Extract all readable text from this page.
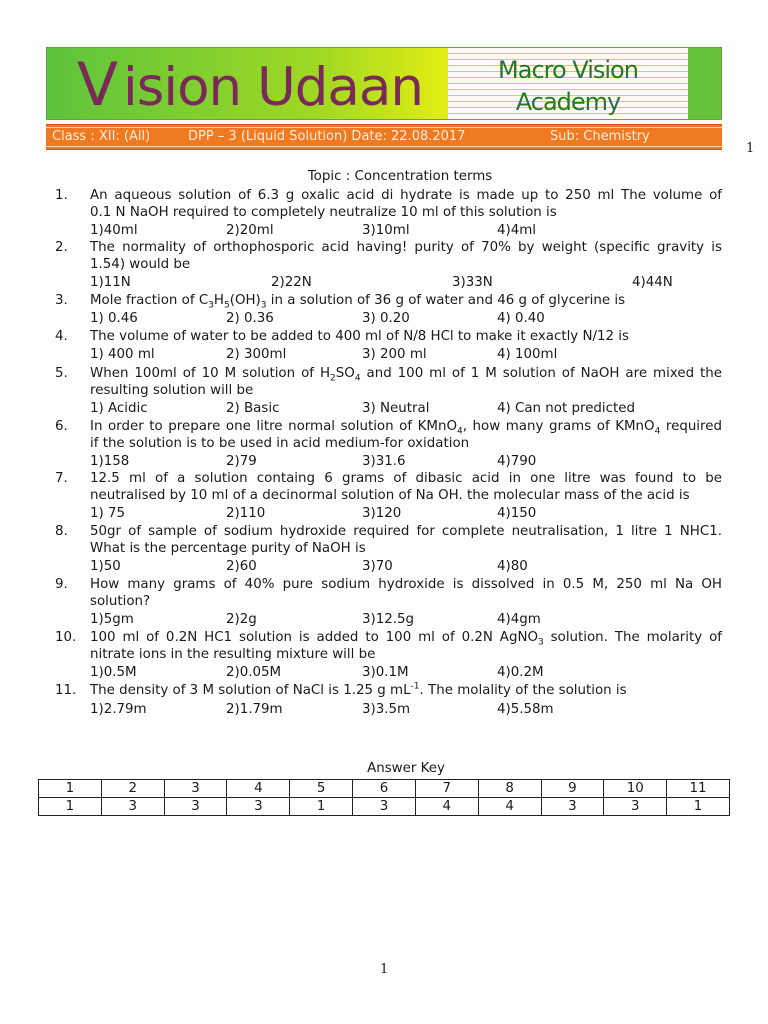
V ision Udaan	Macro Vision
Academy
Class : XII: (All)	DPP – 3 (Liquid Solution) Date: 22.08.2017	Sub: Chemistry
1
Topic : Concentration terms
1. An aqueous solution of 6.3 g oxalic acid di hydrate is made up to 250 ml The volume of
0.1 N NaOH required to completely neutralize 10 ml of this solution is
1)40ml	2)20ml	3)10ml	4)4ml
2. The normality of orthophosporic acid having! purity of 70% by weight (specific gravity is
1.54) would be
1)11N	2)22N	3)33N	4)44N
3. Mole fraction of $C_3H_5(OH)_3$ in a solution of 36 g of water and 46 g of glycerine is
1) 0.46	2) 0.36	3) 0.20	4) 0.40
4. The volume of water to be added to 400 ml of N/8 HCl to make it exactly N/12 is
1) 400 ml	2) 300ml	3) 200 ml	4) 100ml
5. When 100ml of 10 M solution of $H_2SO_4$ and 100 ml of 1 M solution of NaOH are mixed the
resulting solution will be
1) Acidic	2) Basic	3) Neutral	4) Can not predicted
6. In order to prepare one litre normal solution of KMnO$_4$, how many grams of KMnO$_4$ required
if the solution is to be used in acid medium-for oxidation
1)158	2)79	3)31.6	4)790
7. 12.5 ml of a solution containg 6 grams of dibasic acid in one litre was found to be
neutralised by 10 ml of a decinormal solution of Na OH. the molecular mass of the acid is
1) 75	2)110	3)120	4)150
8. 50gr of sample of sodium hydroxide required for complete neutralisation, 1 litre 1 NHC1.
What is the percentage purity of NaOH is
1)50	2)60	3)70	4)80
9. How many grams of 40% pure sodium hydroxide is dissolved in 0.5 M, 250 ml Na OH
solution?
1)5gm	2)2g	3)12.5g	4)4gm
10. 100 ml of 0.2N HC1 solution is added to 100 ml of 0.2N AgNO$_3$ solution. The molarity of
nitrate ions in the resulting mixture will be
1)0.5M	2)0.05M	3)0.1M	4)0.2M
11. The density of 3 M solution of NaCl is 1.25 g $mL^{-1}$. The molality of the solution is
1)2.79m	2)1.79m	3)3.5m	4)5.58m
Answer Key
1	2	3	4	5	6	7	8	9	10	11
1	3	3	3	1	3	4	4	3	3	1
1
